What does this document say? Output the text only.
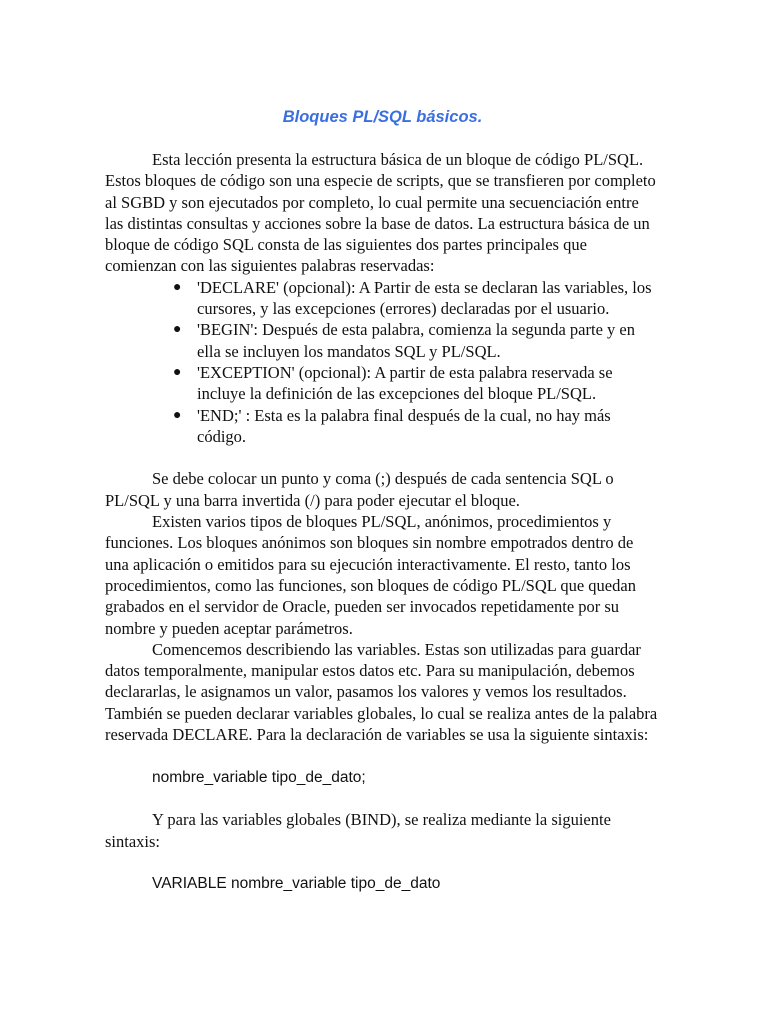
Bloques PL/SQL básicos.

Esta lección presenta la estructura básica de un bloque de código PL/SQL. Estos bloques de código son una especie de scripts, que se transfieren por completo al SGBD y son ejecutados por completo, lo cual permite una secuenciación entre las distintas consultas y acciones sobre la base de datos. La estructura básica de un bloque de código SQL consta de las siguientes dos partes principales que comienzan con las siguientes palabras reservadas:

● 'DECLARE' (opcional): A Partir de esta se declaran las variables, los cursores, y las excepciones (errores) declaradas por el usuario.
● 'BEGIN': Después de esta palabra, comienza la segunda parte y en ella se incluyen los mandatos SQL y PL/SQL.
● 'EXCEPTION' (opcional): A partir de esta palabra reservada se incluye la definición de las excepciones del bloque PL/SQL.
● 'END;' : Esta es la palabra final después de la cual, no hay más código.

Se debe colocar un punto y coma (;) después de cada sentencia SQL o PL/SQL y una barra invertida (/) para poder ejecutar el bloque.

Existen varios tipos de bloques PL/SQL, anónimos, procedimientos y funciones. Los bloques anónimos son bloques sin nombre empotrados dentro de una aplicación o emitidos para su ejecución interactivamente. El resto, tanto los procedimientos, como las funciones, son bloques de código PL/SQL que quedan grabados en el servidor de Oracle, pueden ser invocados repetidamente por su nombre y pueden aceptar parámetros.

Comencemos describiendo las variables. Estas son utilizadas para guardar datos temporalmente, manipular estos datos etc. Para su manipulación, debemos declararlas, le asignamos un valor, pasamos los valores y vemos los resultados. También se pueden declarar variables globales, lo cual se realiza antes de la palabra reservada DECLARE. Para la declaración de variables se usa la siguiente sintaxis:

nombre_variable tipo_de_dato;

Y para las variables globales (BIND), se realiza mediante la siguiente sintaxis:

VARIABLE nombre_variable tipo_de_dato
